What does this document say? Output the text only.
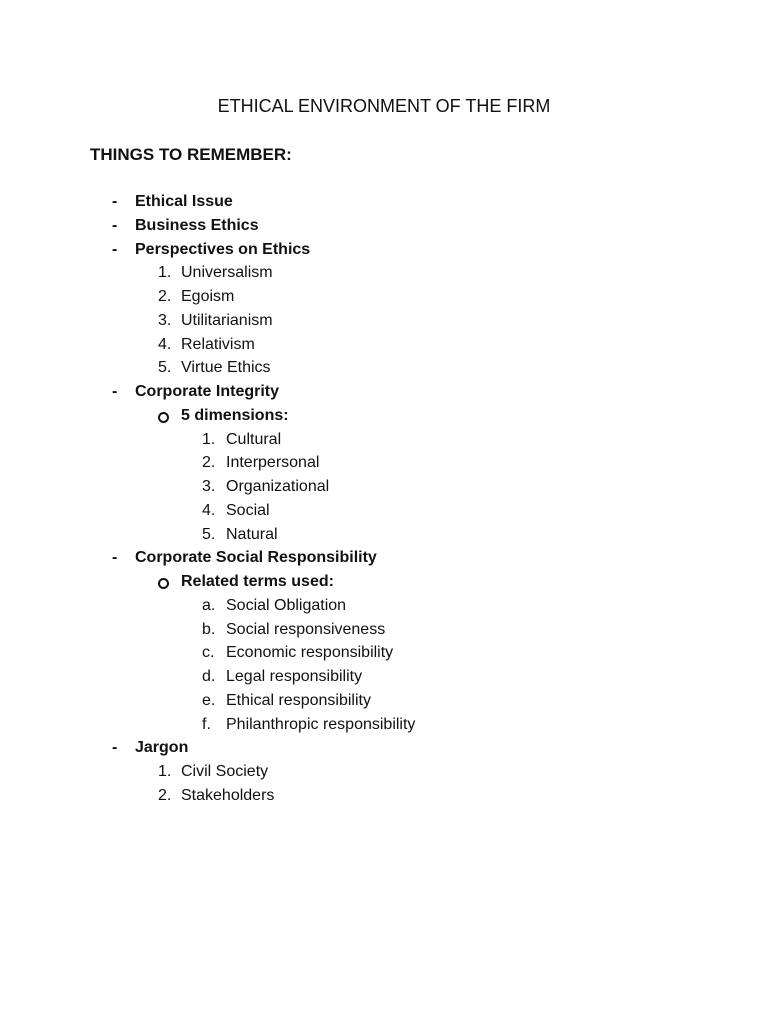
ETHICAL ENVIRONMENT OF THE FIRM
THINGS TO REMEMBER:
- Ethical Issue
- Business Ethics
- Perspectives on Ethics
1. Universalism
2. Egoism
3. Utilitarianism
4. Relativism
5. Virtue Ethics
- Corporate Integrity
5 dimensions:
1. Cultural
2. Interpersonal
3. Organizational
4. Social
5. Natural
- Corporate Social Responsibility
Related terms used:
a. Social Obligation
b. Social responsiveness
c. Economic responsibility
d. Legal responsibility
e. Ethical responsibility
f. Philanthropic responsibility
- Jargon
1. Civil Society
2. Stakeholders
